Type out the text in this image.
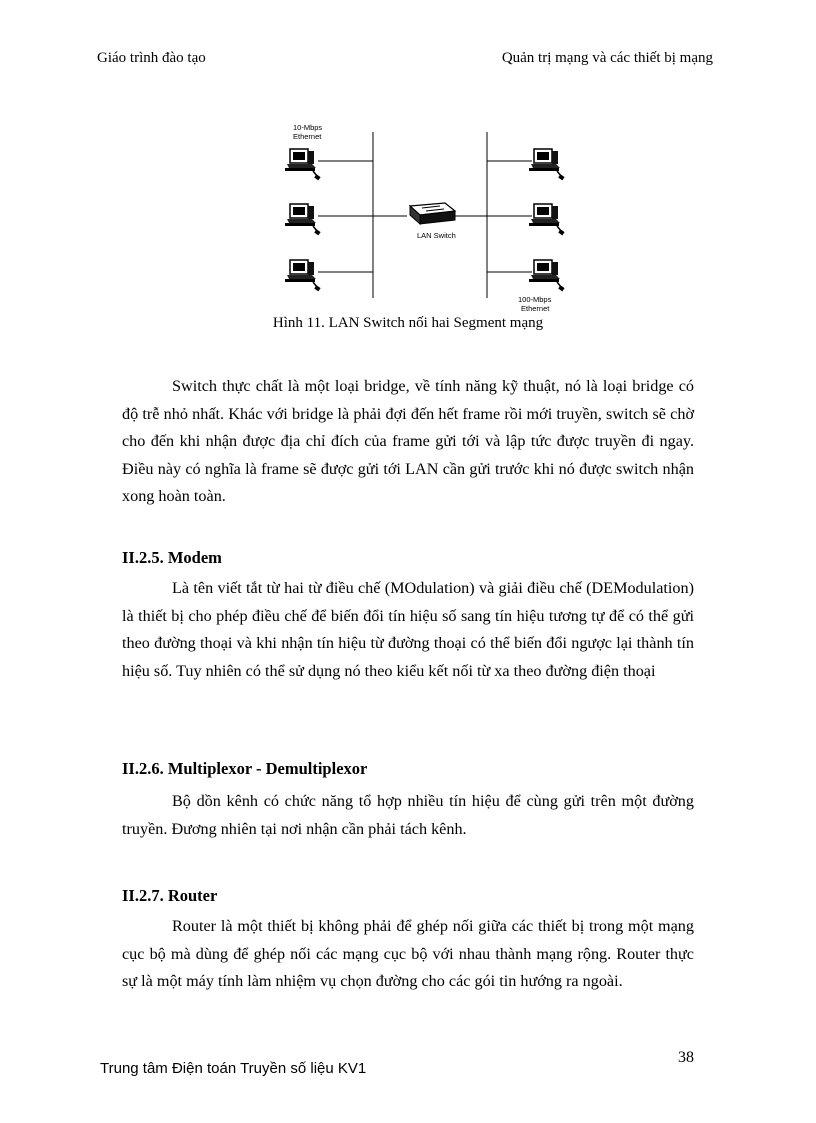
Giáo trình đào tạo	Quản trị mạng và các thiết bị mạng
10-Mbps
Ethernet
LAN Switch
100-Mbps
Ethernet
Hình 11. LAN Switch nối hai Segment mạng

Switch thực chất là một loại bridge, về tính năng kỹ thuật, nó là loại bridge có độ trễ nhỏ nhất. Khác với bridge là phải đợi đến hết frame rồi mới truyền, switch sẽ chờ cho đến khi nhận được địa chỉ đích của frame gửi tới và lập tức được truyền đi ngay. Điều này có nghĩa là frame sẽ được gửi tới LAN cần gửi trước khi nó được switch nhận xong hoàn toàn.

II.2.5. Modem

Là tên viết tắt từ hai từ điều chế (MOdulation) và giải điều chế (DEModulation) là thiết bị cho phép điều chế để biến đổi tín hiệu số sang tín hiệu tương tự để có thể gửi theo đường thoại và khi nhận tín hiệu từ đường thoại có thể biến đổi ngược lại thành tín hiệu số. Tuy nhiên có thể sử dụng nó theo kiểu kết nối từ xa theo đường điện thoại

II.2.6. Multiplexor - Demultiplexor

Bộ dồn kênh có chức năng tổ hợp nhiều tín hiệu để cùng gửi trên một đường truyền. Đương nhiên tại nơi nhận cần phải tách kênh.

II.2.7. Router

Router là một thiết bị không phải để ghép nối giữa các thiết bị trong một mạng cục bộ mà dùng để ghép nối các mạng cục bộ với nhau thành mạng rộng. Router thực sự là một máy tính làm nhiệm vụ chọn đường cho các gói tin hướng ra ngoài.

38
Trung tâm Điện toán Truyền số liệu KV1
